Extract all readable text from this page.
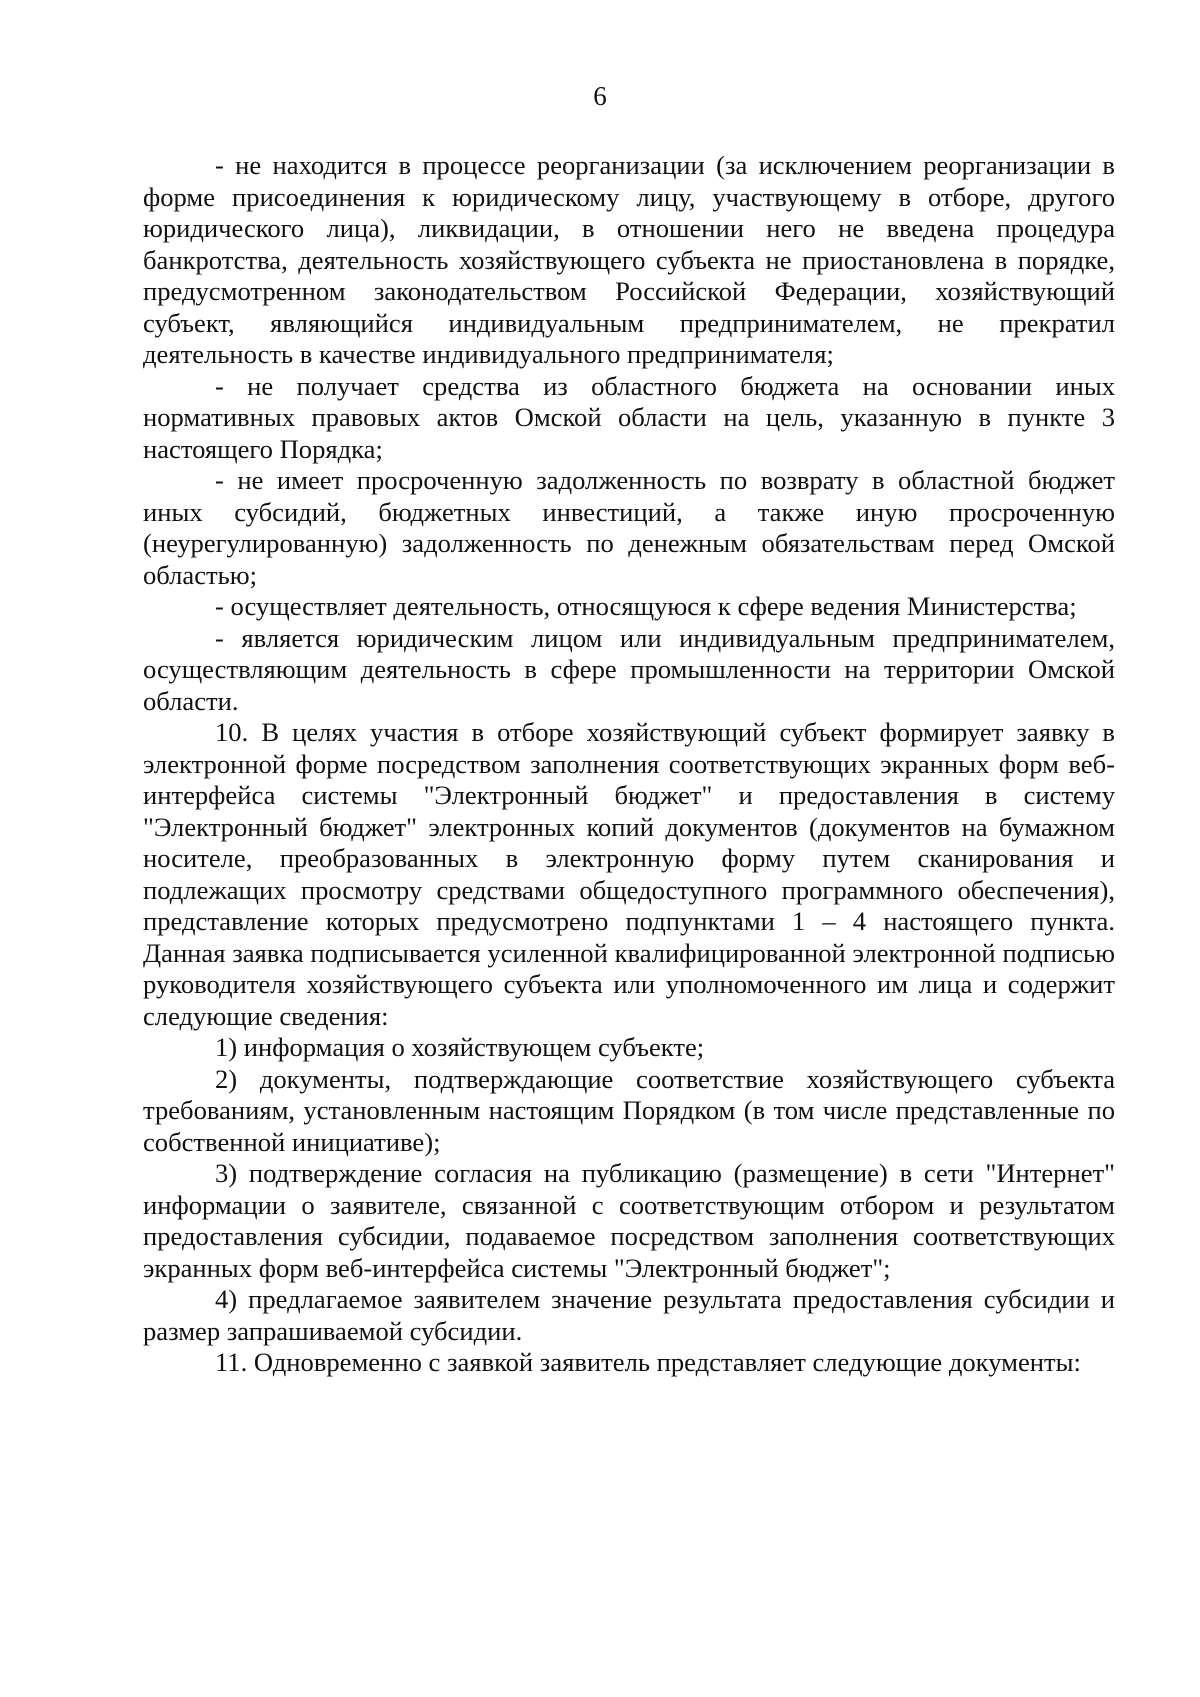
6

- не находится в процессе реорганизации (за исключением реорганизации в форме присоединения к юридическому лицу, участвующему в отборе, другого юридического лица), ликвидации, в отношении него не введена процедура банкротства, деятельность хозяйствующего субъекта не приостановлена в порядке, предусмотренном законодательством Российской Федерации, хозяйствующий субъект, являющийся индивидуальным предпринимателем, не прекратил деятельность в качестве индивидуального предпринимателя;

- не получает средства из областного бюджета на основании иных нормативных правовых актов Омской области на цель, указанную в пункте 3 настоящего Порядка;

- не имеет просроченную задолженность по возврату в областной бюджет иных субсидий, бюджетных инвестиций, а также иную просроченную (неурегулированную) задолженность по денежным обязательствам перед Омской областью;

- осуществляет деятельность, относящуюся к сфере ведения Министерства;

- является юридическим лицом или индивидуальным предпринимателем, осуществляющим деятельность в сфере промышленности на территории Омской области.

10. В целях участия в отборе хозяйствующий субъект формирует заявку в электронной форме посредством заполнения соответствующих экранных форм веб-интерфейса системы "Электронный бюджет" и предоставления в систему "Электронный бюджет" электронных копий документов (документов на бумажном носителе, преобразованных в электронную форму путем сканирования и подлежащих просмотру средствами общедоступного программного обеспечения), представление которых предусмотрено подпунктами 1 – 4 настоящего пункта. Данная заявка подписывается усиленной квалифицированной электронной подписью руководителя хозяйствующего субъекта или уполномоченного им лица и содержит следующие сведения:

1) информация о хозяйствующем субъекте;

2) документы, подтверждающие соответствие хозяйствующего субъекта требованиям, установленным настоящим Порядком (в том числе представленные по собственной инициативе);

3) подтверждение согласия на публикацию (размещение) в сети "Интернет" информации о заявителе, связанной с соответствующим отбором и результатом предоставления субсидии, подаваемое посредством заполнения соответствующих экранных форм веб-интерфейса системы "Электронный бюджет";

4) предлагаемое заявителем значение результата предоставления субсидии и размер запрашиваемой субсидии.

11. Одновременно с заявкой заявитель представляет следующие документы:
